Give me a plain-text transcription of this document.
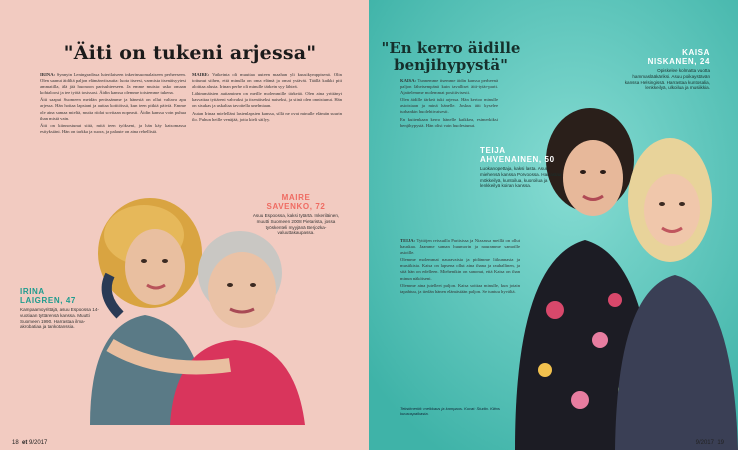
"Äiti on tukeni arjessa"

IRINA: Synnyin Leningradissa luterilaiseen inkerinsuomalaiseen perheeseen. Olen saanut äidiltä paljon elämänviisautta: luota itseesi, varmista itsenäisyytesi ammatilla, älä jää huonoon parisuhteeseen. Ja emme muista: usko omaan kohtaloosi ja tee työtä tosissasi. Äidin kanssa olemme toistemme tukena.

Äiti saapui Suomeen meidän perässämme ja hänestä on ollut valtava apu arjessa. Hän hoitaa lapsiani ja auttaa kotitöissä, kun teen pitkiä päiviä. Emme ole aina samaa mieltä, mutta riidat sovitaan nopeasti. Äidin kanssa voin puhua ihan mistä vain.

Äiti on kiinnostunut siitä, mitä teen työkseni, ja hän käy katsomassa esityksiäni. Hän on tarkka ja suora, ja palaute on aina rehellistä.

MAIRE: Vaikeinta oli muuttaa uuteen maahan yli kuusikymppisenä. Olin tottunut siihen, että minulla on oma elämä ja omat ystävät. Täällä kaikki piti aloittaa alusta. Irinan perhe oli minulle tärkein syy lähteä.

Lähimmäisten auttaminen on meille molemmille tärkeää. Olen aina yrittänyt kasvattaa tyttäreni vahvaksi ja itsenäiseksi naiseksi, ja siinä olen onnistunut. Hän on sisukas ja uskaltaa tavoitella unelmiaan.

Autan Irinaa mielelläni lastenlapsien kanssa, sillä ne ovat minulle elämän suurin ilo. Puhun heille venäjää, jotta kieli säilyy.

MAIRE
SAVENKO, 72
Asuu Espoossa, kaksi tytärtä. Inkeriläinen, muutti Suomeen 2008 Pietarista, jossa työskenteli myyjänä Berjozka-valuuttakaupassa.
IRINA
LAIGREN, 47
Kampaamoyrittäjä, asuu Espoossa 14-vuotiaan tyttärensä kanssa. Muutti Suomeen 1990. Harrastaa ilma-akrobatiaa ja tankotanssia.
18 et 9/2017
"En kerro äidille benjihypystä"

KAISA: Tunnemme itsemme äidin kanssa perheenä paljon läheisempänä kuin tavalliset äiti-tytär-parit. Ajattelemme molemmat positiivisesti.

Olen äidille tärkeä tuki arjessa. Hän kertoo minulle asioistaan ja minä hänelle. Joskus äiti kyselee turhankin huolehtivaisesti.

En kuitenkaan kerro hänelle kaikkea, esimerkiksi benjihypystä. Hän olisi vain huolestunut.

TEIJA: Tyttöjen reissuilla Pariisissa ja Nizzassa meillä on ollut hauskaa. Jaamme saman huumorin ja nauramme samoille asioille.

Olemme molemmat nauravaisia ja pidämme liikunnasta ja musiikista. Kaisa on lapsena ollut aina ihana ja rauhallinen, ja sitä hän on edelleen. Miehenikin on sanonut, että Kaisa on ihan minun näköiseni.

Olemme aina jutelleet paljon. Kaisa soittaa minulle, kun jotain tapahtuu, ja tiedän hänen elämästään paljon. Se tuntuu hyvältä.

KAISA
NISKANEN, 24
Opiskelee kolmatta vuotta hammaslääkäriksi. Asuu poikaystävän kanssa Helsingissä. Harrastaa kuntosalia, lenkkeilyä, ulkoilua ja musiikkia.
TEIJA
AHVENAINEN, 50
Luokanopettaja, kaksi lasta. Asuu miehensä kanssa Porvoossa. Harrastaa mökkeilyä, kuntoilua, kuoroilua ja lenkkeilyä koiran kanssa.
Tekstimerkit: meikkaus ja kampaus. Kuvat: Studio. Kiitos kuvauspaikasta.
9/2017 19
